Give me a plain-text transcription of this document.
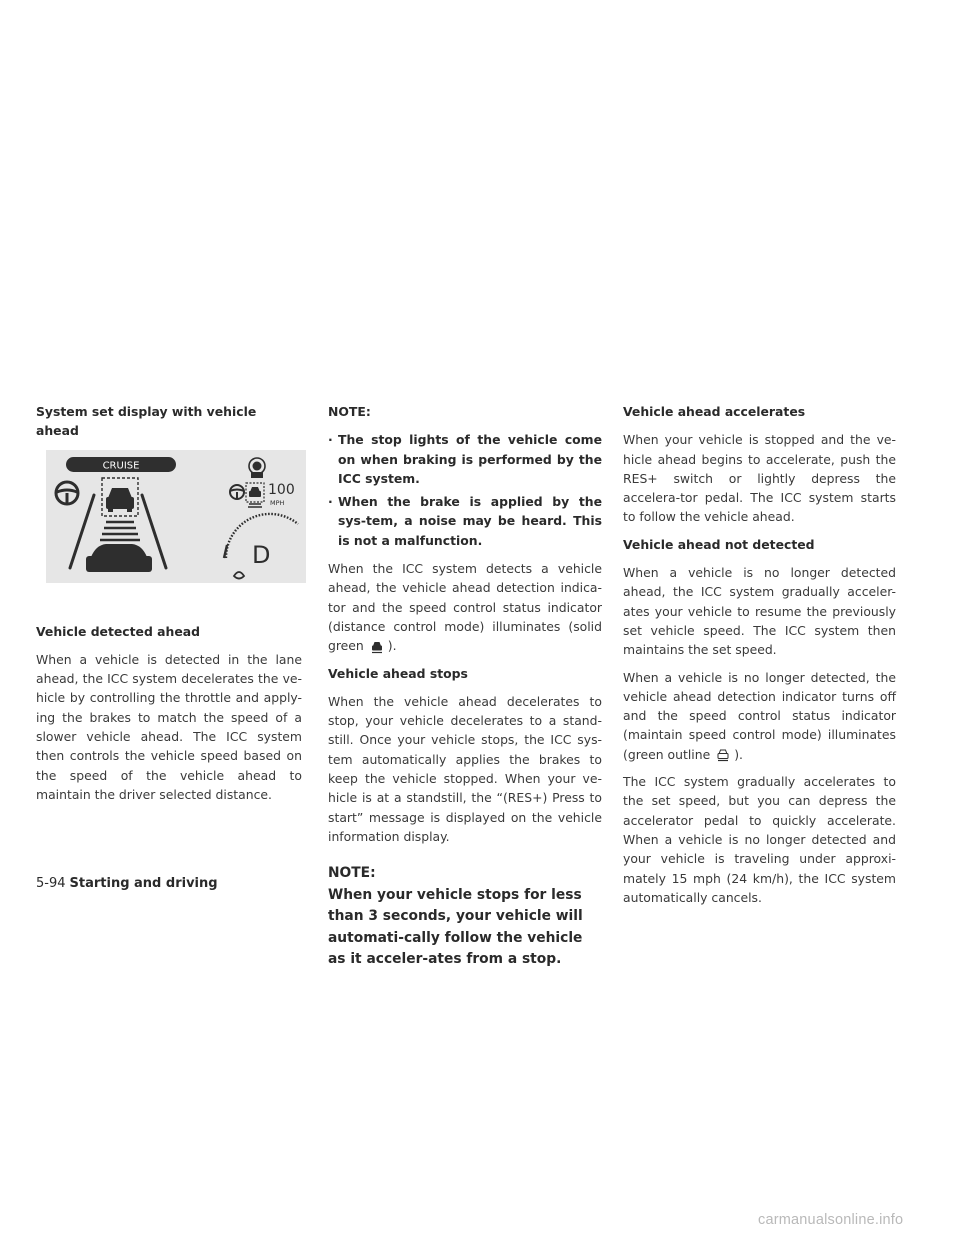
System set display with vehicle ahead
CRUISE
100
MPH
D
Vehicle detected ahead
When a vehicle is detected in the lane ahead, the ICC system decelerates the ve-hicle by controlling the throttle and apply-ing the brakes to match the speed of a slower vehicle ahead. The ICC system then controls the vehicle speed based on the speed of the vehicle ahead to maintain the driver selected distance.
NOTE:
· The stop lights of the vehicle come on when braking is performed by the ICC system.
· When the brake is applied by the sys-tem, a noise may be heard. This is not a malfunction.
When the ICC system detects a vehicle ahead, the vehicle ahead detection indica-tor and the speed control status indicator (distance control mode) illuminates (solid green ).
Vehicle ahead stops
When the vehicle ahead decelerates to stop, your vehicle decelerates to a stand-still. Once your vehicle stops, the ICC sys-tem automatically applies the brakes to keep the vehicle stopped. When your ve-hicle is at a standstill, the “(RES+) Press to start” message is displayed on the vehicle information display.
NOTE:
When your vehicle stops for less than 3 seconds, your vehicle will automati-cally follow the vehicle as it acceler-ates from a stop.
Vehicle ahead accelerates
When your vehicle is stopped and the ve-hicle ahead begins to accelerate, push the RES+ switch or lightly depress the accelera-tor pedal. The ICC system starts to follow the vehicle ahead.
Vehicle ahead not detected
When a vehicle is no longer detected ahead, the ICC system gradually acceler-ates your vehicle to resume the previously set vehicle speed. The ICC system then maintains the set speed.
When a vehicle is no longer detected, the vehicle ahead detection indicator turns off and the speed control status indicator (maintain speed control mode) illuminates (green outline ).
The ICC system gradually accelerates to the set speed, but you can depress the accelerator pedal to quickly accelerate. When a vehicle is no longer detected and your vehicle is traveling under approxi-mately 15 mph (24 km/h), the ICC system automatically cancels.
5-94 Starting and driving
carmanualsonline.info
